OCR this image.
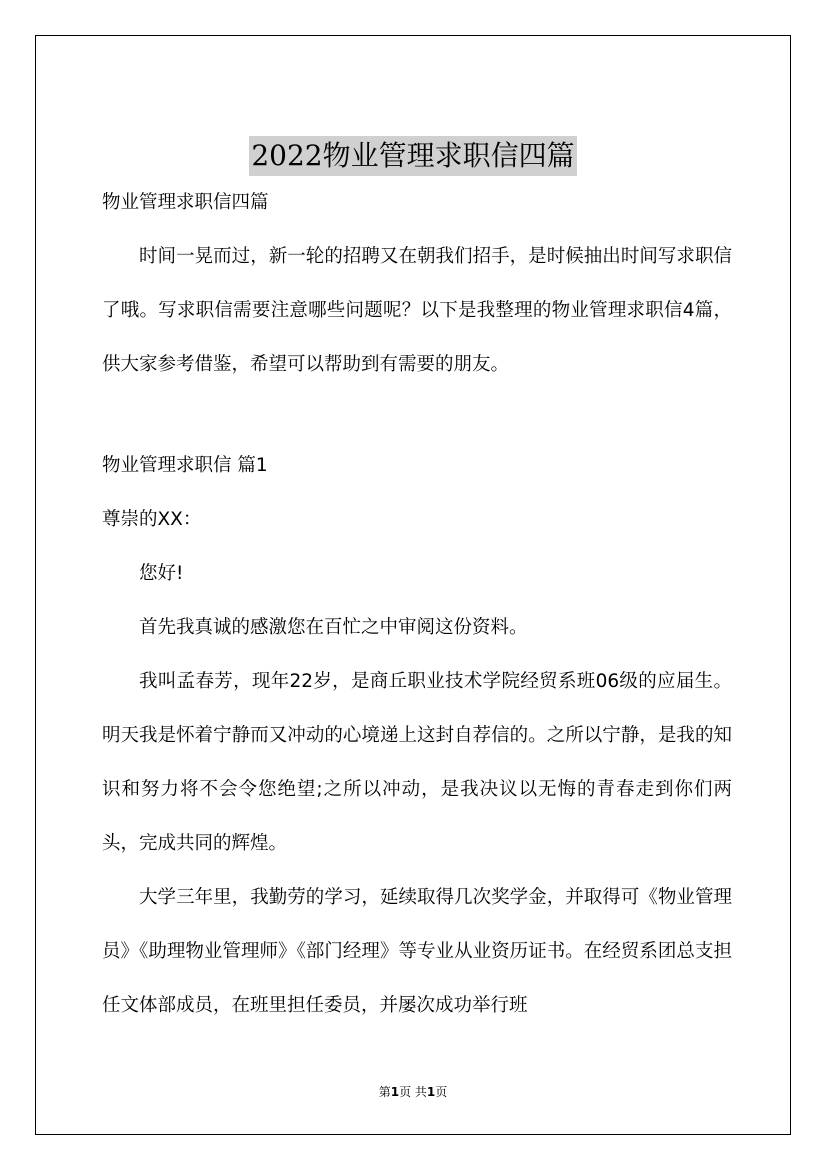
2022物业管理求职信四篇

物业管理求职信四篇

时间一晃而过，新一轮的招聘又在朝我们招手，是时候抽出时间写求职信了哦。写求职信需要注意哪些问题呢？以下是我整理的物业管理求职信4篇，供大家参考借鉴，希望可以帮助到有需要的朋友。

物业管理求职信 篇1

尊崇的XX：

您好!

首先我真诚的感激您在百忙之中审阅这份资料。

我叫孟春芳，现年22岁，是商丘职业技术学院经贸系班06级的应届生。明天我是怀着宁静而又冲动的心境递上这封自荐信的。之所以宁静，是我的知识和努力将不会令您绝望;之所以冲动，是我决议以无悔的青春走到你们两头，完成共同的辉煌。

大学三年里，我勤劳的学习，延续取得几次奖学金，并取得可《物业管理员》《助理物业管理师》《部门经理》等专业从业资历证书。在经贸系团总支担任文体部成员，在班里担任委员，并屡次成功举行班

第1页 共1页
